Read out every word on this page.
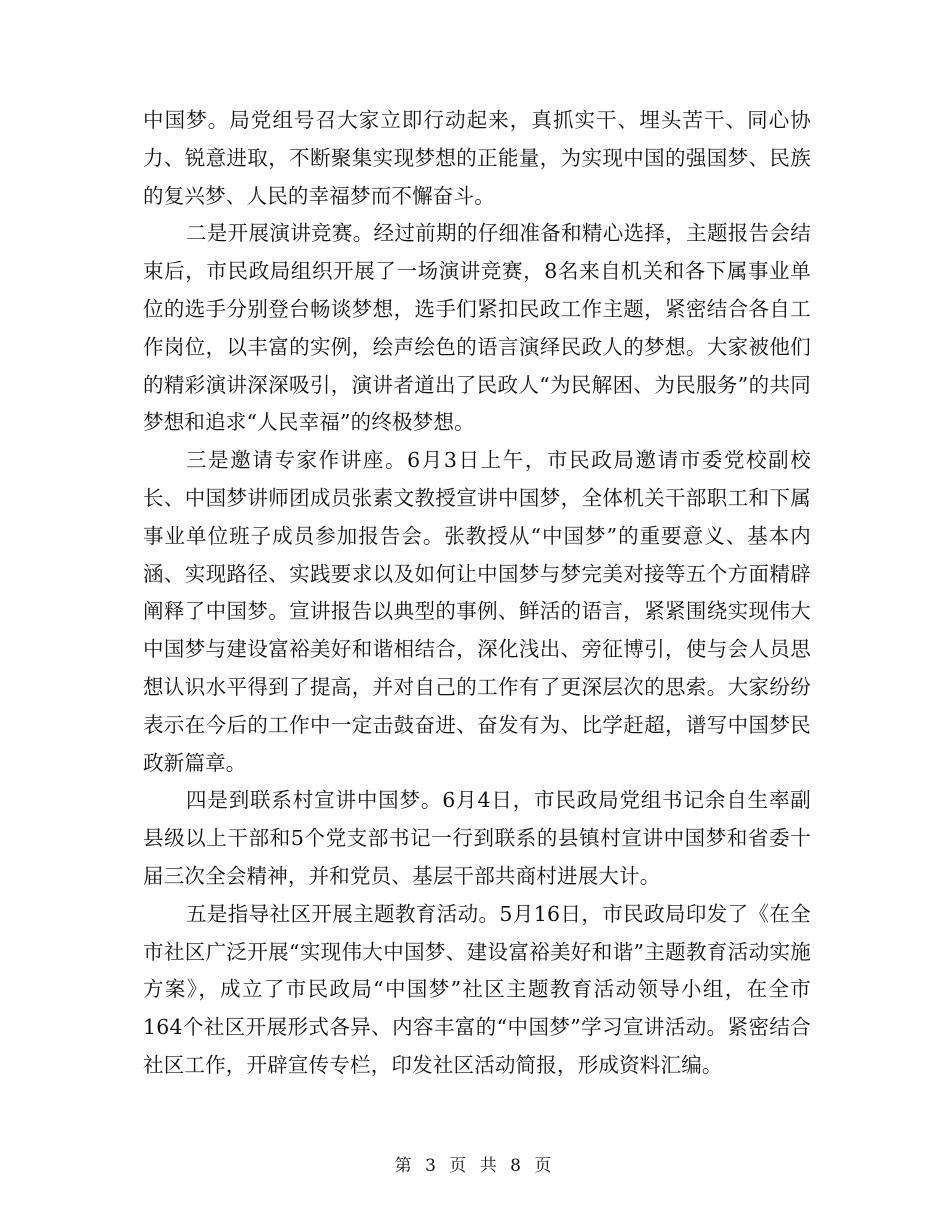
中国梦。局党组号召大家立即行动起来，真抓实干、埋头苦干、同心协力、锐意进取，不断聚集实现梦想的正能量，为实现中国的强国梦、民族的复兴梦、人民的幸福梦而不懈奋斗。

二是开展演讲竞赛。经过前期的仔细准备和精心选择，主题报告会结束后，市民政局组织开展了一场演讲竞赛，8名来自机关和各下属事业单位的选手分别登台畅谈梦想，选手们紧扣民政工作主题，紧密结合各自工作岗位，以丰富的实例，绘声绘色的语言演绎民政人的梦想。大家被他们的精彩演讲深深吸引，演讲者道出了民政人“为民解困、为民服务”的共同梦想和追求“人民幸福”的终极梦想。

三是邀请专家作讲座。6月3日上午，市民政局邀请市委党校副校长、中国梦讲师团成员张素文教授宣讲中国梦，全体机关干部职工和下属事业单位班子成员参加报告会。张教授从“中国梦”的重要意义、基本内涵、实现路径、实践要求以及如何让中国梦与梦完美对接等五个方面精辟阐释了中国梦。宣讲报告以典型的事例、鲜活的语言，紧紧围绕实现伟大中国梦与建设富裕美好和谐相结合，深化浅出、旁征博引，使与会人员思想认识水平得到了提高，并对自己的工作有了更深层次的思索。大家纷纷表示在今后的工作中一定击鼓奋进、奋发有为、比学赶超，谱写中国梦民政新篇章。

四是到联系村宣讲中国梦。6月4日，市民政局党组书记余自生率副县级以上干部和5个党支部书记一行到联系的县镇村宣讲中国梦和省委十届三次全会精神，并和党员、基层干部共商村进展大计。

五是指导社区开展主题教育活动。5月16日，市民政局印发了《在全市社区广泛开展“实现伟大中国梦、建设富裕美好和谐”主题教育活动实施方案》，成立了市民政局“中国梦”社区主题教育活动领导小组，在全市164个社区开展形式各异、内容丰富的“中国梦”学习宣讲活动。紧密结合社区工作，开辟宣传专栏，印发社区活动简报，形成资料汇编。

第 3 页 共 8 页
